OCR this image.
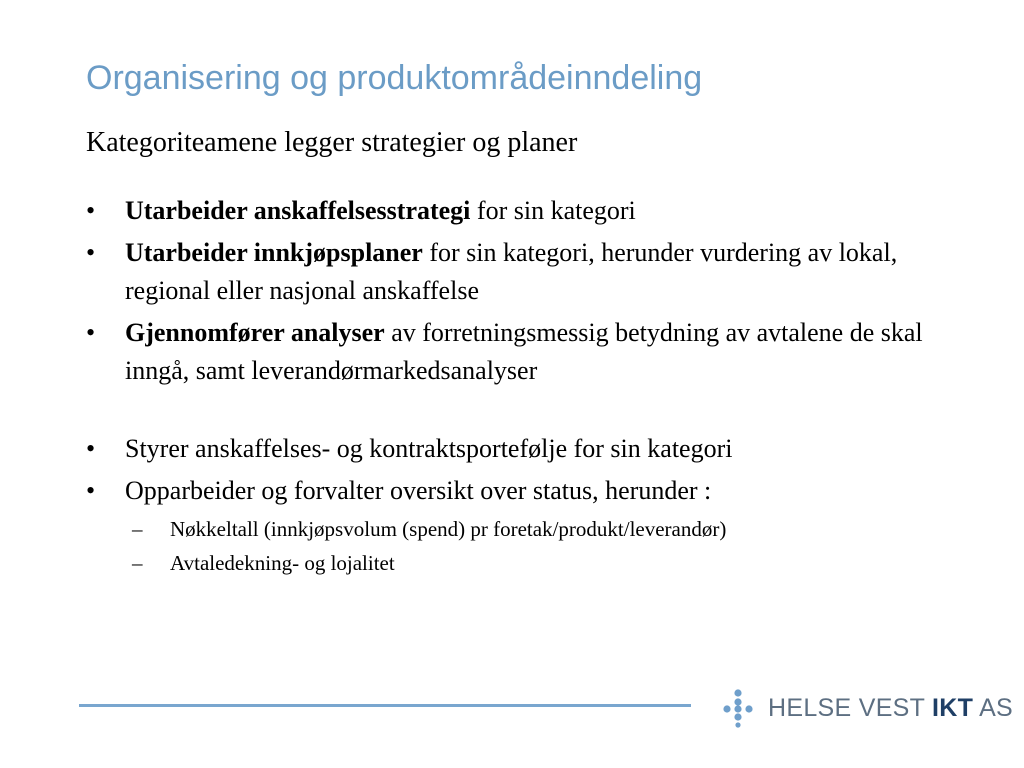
Organisering og produktområdeinndeling
Kategoriteamene legger strategier og planer
•	Utarbeider anskaffelsesstrategi for sin kategori
•	Utarbeider innkjøpsplaner for sin kategori, herunder vurdering av lokal, regional eller nasjonal anskaffelse
•	Gjennomfører analyser av forretningsmessig betydning av avtalene de skal inngå, samt leverandørmarkedsanalyser
•	Styrer anskaffelses- og kontraktsportefølje for sin kategori
•	Opparbeider og forvalter oversikt over status, herunder :
– Nøkkeltall (innkjøpsvolum (spend) pr foretak/produkt/leverandør)
– Avtaledekning- og lojalitet
HELSE VEST IKT AS
